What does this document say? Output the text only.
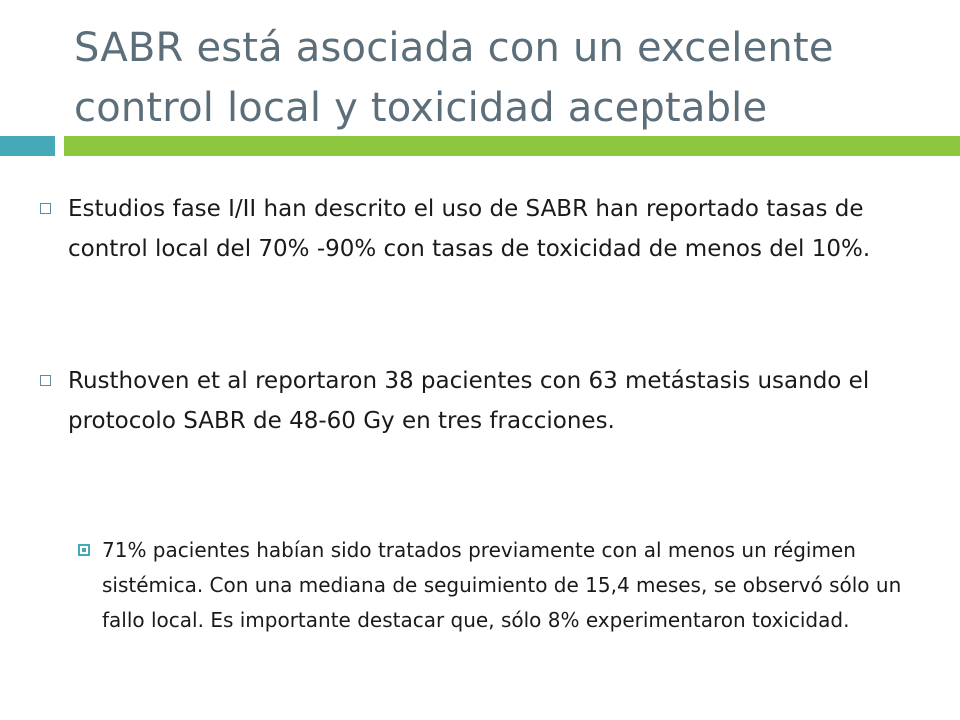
SABR está asociada con un excelente control local y toxicidad aceptable
Estudios fase I/II han descrito el uso de SABR han reportado tasas de control local del 70% -90% con tasas de toxicidad de menos del 10%.
Rusthoven et al reportaron 38 pacientes con 63 metástasis usando el protocolo SABR de 48-60 Gy en tres fracciones.
71% pacientes habían sido tratados previamente con al menos un régimen sistémica. Con una mediana de seguimiento de 15,4 meses, se observó sólo un fallo local. Es importante destacar que, sólo 8% experimentaron toxicidad.
